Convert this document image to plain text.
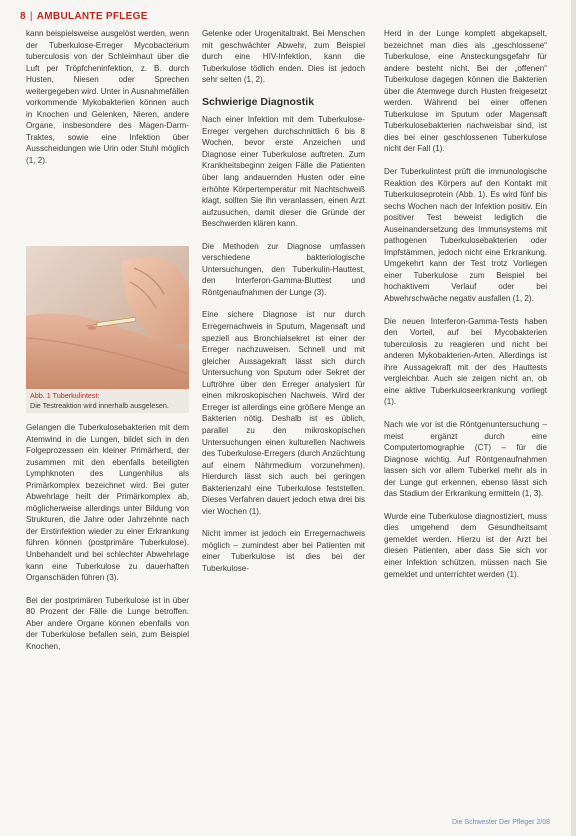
8 | AMBULANTE PFLEGE

kann beispielsweise ausgelöst werden, wenn der Tuberkulose-Erreger Mycobacterium tuberculosis von der Schleimhaut über die Luft per Tröpfcheninfektion, z. B. durch Husten, Niesen oder Sprechen weitergegeben wird. Unter in Ausnahmefällen vorkommende Mykobakterien können auch in Knochen und Gelenken, Nieren, andere Organe, insbesondere des Magen-Darm-Traktes, sowie eine Infektion über Ausscheidungen wie Urin oder Stuhl möglich (1, 2).

Abb. 1 Tuberkulintest:
Die Testreaktion wird innerhalb ausgelesen.

Gelangen die Tuberkulosebakterien mit dem Atemwind in die Lungen, bildet sich in den Folgeprozessen ein kleiner Primärherd, der zusammen mit den ebenfalls beteiligten Lymphknoten des Lungenhilus als Primärkomplex bezeichnet wird. Bei guter Abwehrlage heilt der Primärkomplex ab, möglicherweise allerdings unter Bildung von Strukturen, die Jahre oder Jahrzehnte nach der Erstinfektion wieder zu einer Erkrankung führen können (postprimäre Tuberkulose). Unbehandelt und bei schlechter Abwehrlage kann eine Tuberkulose zu dauerhaften Organschäden führen (3).

Bei der postprimären Tuberkulose ist in über 80 Prozent der Fälle die Lunge betroffen. Aber andere Organe können ebenfalls von der Tuberkulose befallen sein, zum Beispiel Knochen,

Gelenke oder Urogenitaltrakt. Bei Menschen mit geschwächter Abwehr, zum Beispiel durch eine HIV-Infektion, kann die Tuberkulose tödlich enden. Dies ist jedoch sehr selten (1, 2).

Schwierige Diagnostik

Nach einer Infektion mit dem Tuberkulose-Erreger vergehen durchschnittlich 6 bis 8 Wochen, bevor erste Anzeichen und Diagnose einer Tuberkulose auftreten. Zum Krankheitsbeginn zeigen Fälle die Patienten über lang andauernden Husten oder eine erhöhte Körpertemperatur mit Nachtschweiß klagt, sollten Sie ihn veranlassen, einen Arzt aufzusuchen, damit dieser die Gründe der Beschwerden klären kann.

Die Methoden zur Diagnose umfassen verschiedene bakteriologische Untersuchungen, den Tuberkulin-Hauttest, den Interferon-Gamma-Bluttest und Röntgenaufnahmen der Lunge (3).

Eine sichere Diagnose ist nur durch Erregernachweis in Sputum, Magensaft und speziell aus Bronchialsekret ist einer der Erreger nachzuweisen. Schnell und mit gleicher Aussagekraft lässt sich durch Untersuchung von Sputum oder Sekret der Luftröhre über den Erreger analysiert für einen mikroskopischen Nachweis. Wird der Erreger ist allerdings eine größere Menge an Bakterien nötig. Deshalb ist es üblich, parallel zu den mikroskopischen Untersuchungen einen kulturellen Nachweis des Tuberkulose-Erregers (durch Anzüchtung auf einem Nährmedium vorzunehmen). Hierdurch lässt sich auch bei geringen Bakterienzahl eine Tuberkulose feststellen. Dieses Verfahren dauert jedoch etwa drei bis vier Wochen (1).

Nicht immer ist jedoch ein Erregernachweis möglich – zumindest aber bei Patienten mit einer Tuberkulose ist dies bei der Tuberkulose-

Herd in der Lunge komplett abgekapselt, bezeichnet man dies als „geschlossene“ Tuberkulose, eine Ansteckungsgefahr für andere besteht nicht. Bei der „offenen“ Tuberkulose dagegen können die Bakterien über die Atemwege durch Husten freigesetzt werden. Während bei einer offenen Tuberkulose im Sputum oder Magensaft Tuberkulosebakterien nachweisbar sind, ist dies bei einer geschlossenen Tuberkulose nicht der Fall (1).

Der Tuberkulintest prüft die immunologische Reaktion des Körpers auf den Kontakt mit Tuberkuloseprotein (Abb. 1). Es wird fünf bis sechs Wochen nach der Infektion positiv. Ein positiver Test beweist lediglich die Auseinandersetzung des Immunsystems mit pathogenen Tuberkulosebakterien oder Impfstämmen, jedoch nicht eine Erkrankung. Umgekehrt kann der Test trotz Vorliegen einer Tuberkulose zum Beispiel bei hochaktivem Verlauf oder bei Abwehrschwäche negativ ausfallen (1, 2).

Die neuen Interferon-Gamma-Tests haben den Vorteil, auf bei Mycobakterien tuberculosis zu reagieren und nicht bei anderen Mykobakterien-Arten. Allerdings ist ihre Aussagekraft mit der des Hauttests vergleichbar. Auch sie zeigen nicht an, ob eine aktive Tuberkuloseerkrankung vorliegt (1).

Nach wie vor ist die Röntgenuntersuchung – meist ergänzt durch eine Computertomographie (CT) – für die Diagnose wichtig. Auf Röntgenaufnahmen lassen sich vor allem Tuberkel mehr als in der Lunge gut erkennen, ebenso lässt sich das Stadium der Erkrankung ermitteln (1, 3).

Wurde eine Tuberkulose diagnostiziert, muss dies umgehend dem Gesundheitsamt gemeldet werden. Hierzu ist der Arzt bei diesen Patienten, aber dass Sie sich vor einer Infektion schützen, müssen nach Sie gemeldet und unterrichtet werden (1).

Die Schwester Der Pfleger 2/08
